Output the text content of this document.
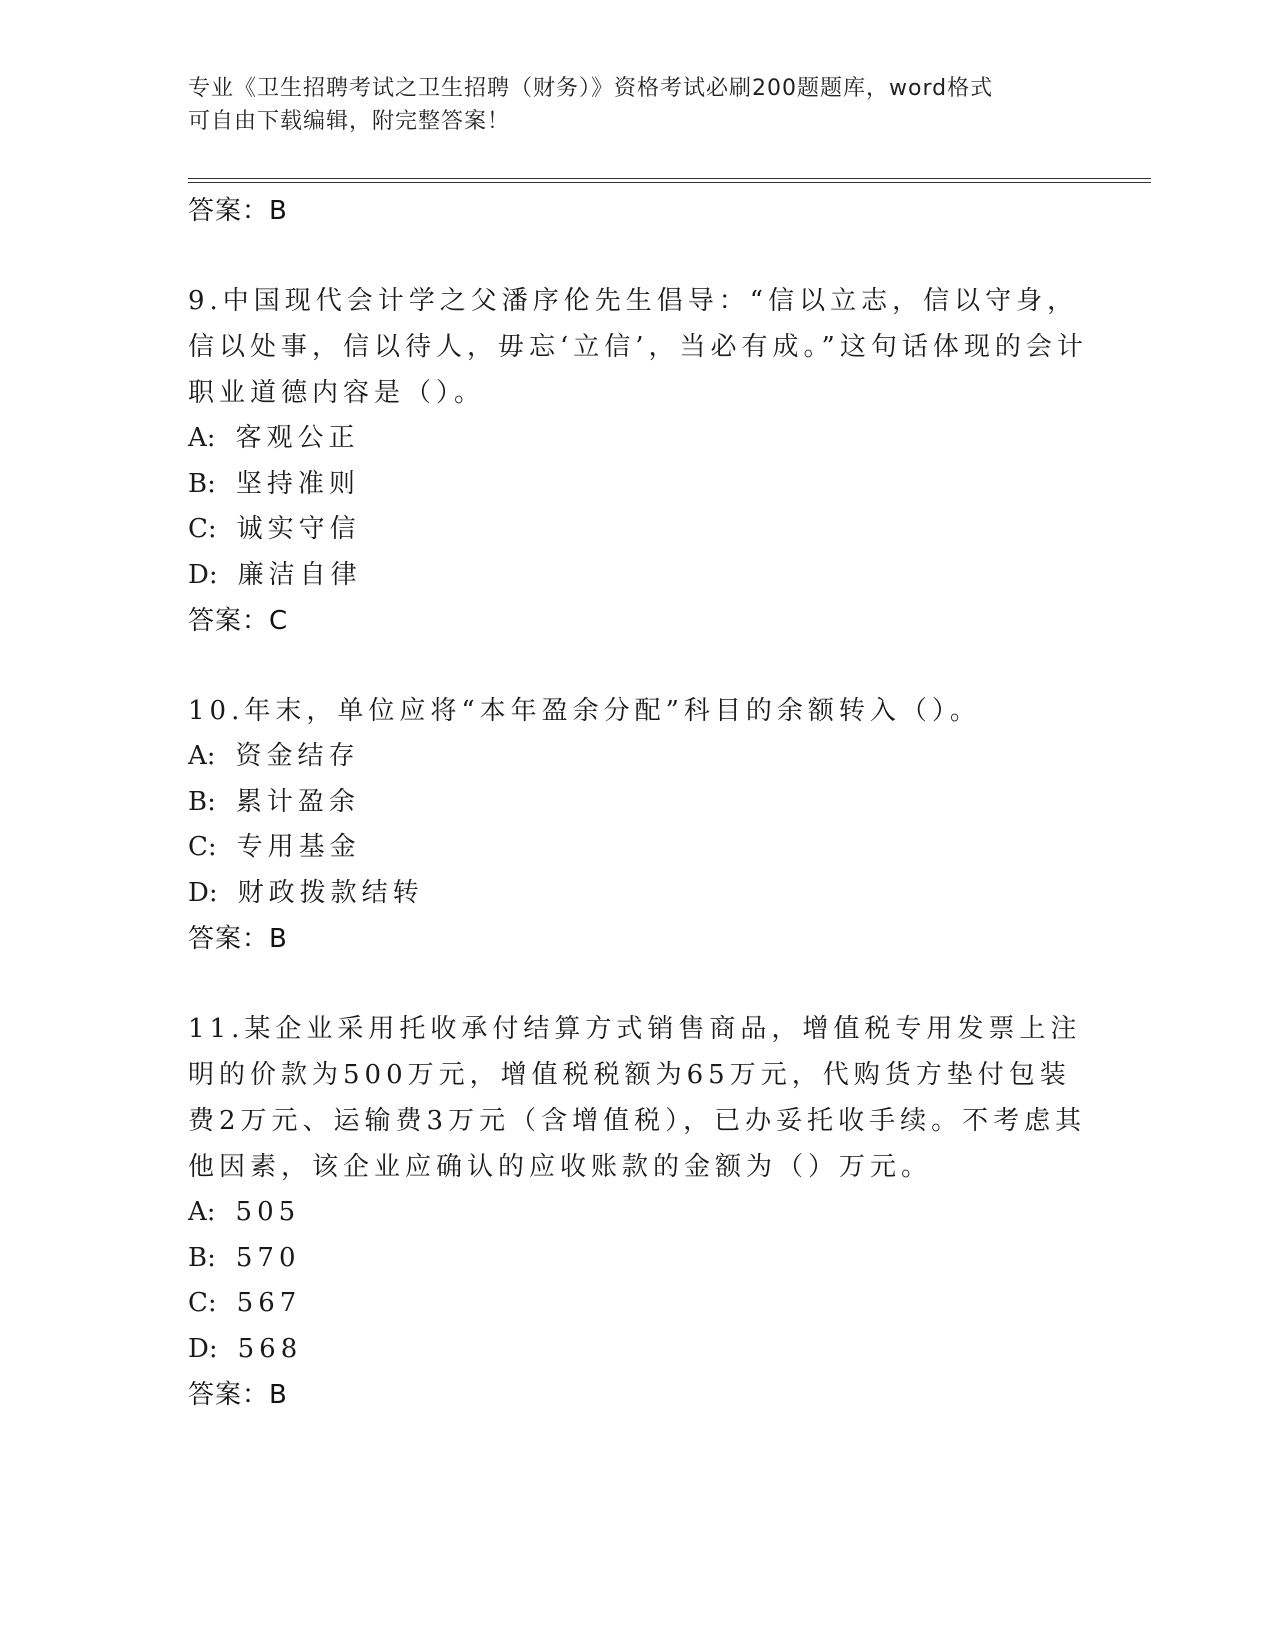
专业《卫生招聘考试之卫生招聘（财务）》资格考试必刷200题题库，word格式
可自由下载编辑，附完整答案！
答案：B

9.中国现代会计学之父潘序伦先生倡导：“信以立志，信以守身，信以处事，信以待人，毋忘‘立信’，当必有成。”这句话体现的会计职业道德内容是（）。

A: 客观公正
B: 坚持准则
C: 诚实守信
D: 廉洁自律
答案：C

10.年末，单位应将“本年盈余分配”科目的余额转入（）。

A: 资金结存
B: 累计盈余
C: 专用基金
D: 财政拨款结转
答案：B

11.某企业采用托收承付结算方式销售商品，增值税专用发票上注明的价款为500万元，增值税税额为65万元，代购货方垫付包装费2万元、运输费3万元（含增值税），已办妥托收手续。不考虑其他因素，该企业应确认的应收账款的金额为（）万元。

A: 505
B: 570
C: 567
D: 568
答案：B
